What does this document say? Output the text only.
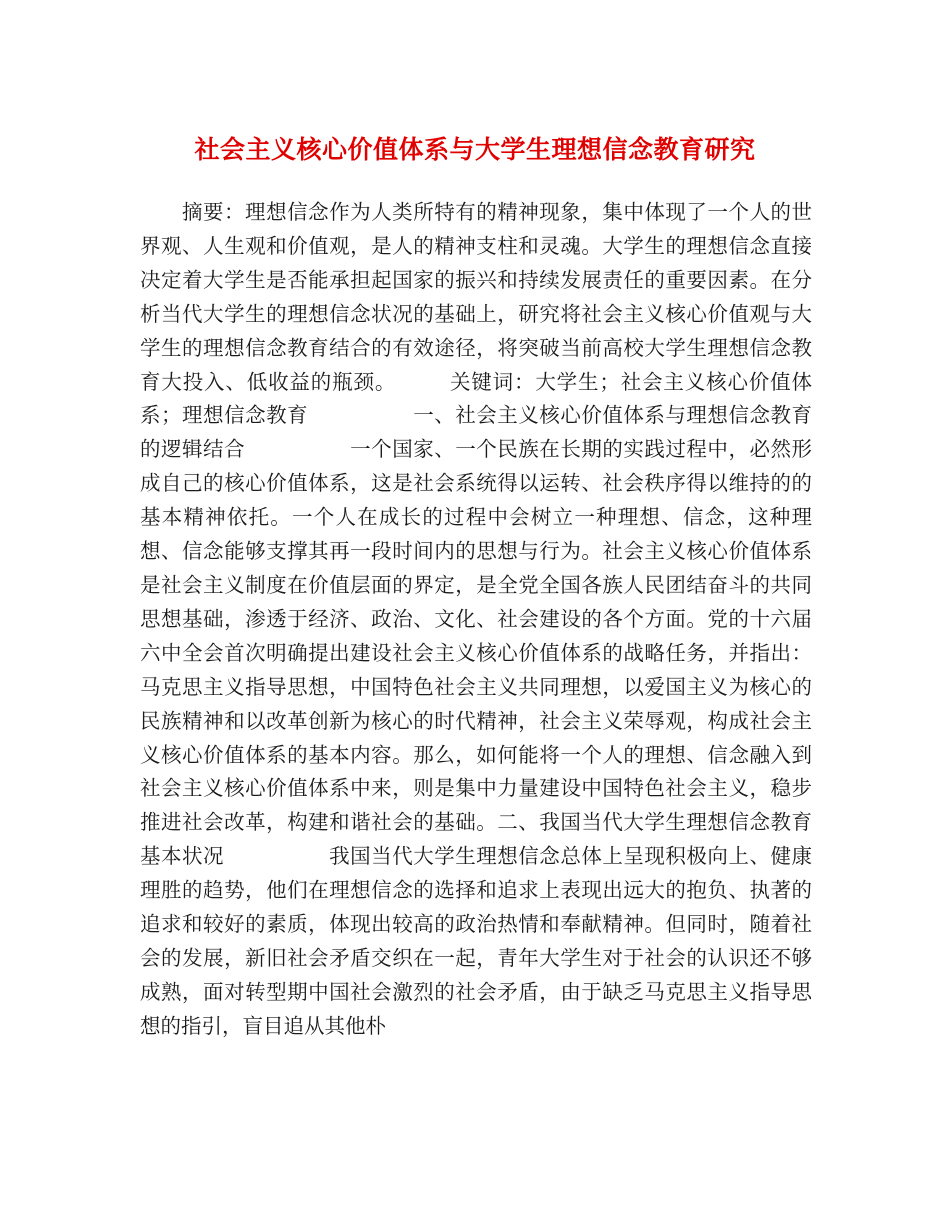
社会主义核心价值体系与大学生理想信念教育研究
摘要：理想信念作为人类所特有的精神现象，集中体现了一个人的世界观、人生观和价值观，是人的精神支柱和灵魂。大学生的理想信念直接决定着大学生是否能承担起国家的振兴和持续发展责任的重要因素。在分析当代大学生的理想信念状况的基础上，研究将社会主义核心价值观与大学生的理想信念教育结合的有效途径，将突破当前高校大学生理想信念教育大投入、低收益的瓶颈。　　　关键词：大学生；社会主义核心价值体系；理想信念教育　　　　　一、社会主义核心价值体系与理想信念教育的逻辑结合　　　　　一个国家、一个民族在长期的实践过程中，必然形成自己的核心价值体系，这是社会系统得以运转、社会秩序得以维持的的基本精神依托。一个人在成长的过程中会树立一种理想、信念，这种理想、信念能够支撑其再一段时间内的思想与行为。社会主义核心价值体系是社会主义制度在价值层面的界定，是全党全国各族人民团结奋斗的共同思想基础，渗透于经济、政治、文化、社会建设的各个方面。党的十六届六中全会首次明确提出建设社会主义核心价值体系的战略任务，并指出：马克思主义指导思想，中国特色社会主义共同理想，以爱国主义为核心的民族精神和以改革创新为核心的时代精神，社会主义荣辱观，构成社会主义核心价值体系的基本内容。那么，如何能将一个人的理想、信念融入到社会主义核心价值体系中来，则是集中力量建设中国特色社会主义，稳步推进社会改革，构建和谐社会的基础。二、我国当代大学生理想信念教育基本状况　　　　　我国当代大学生理想信念总体上呈现积极向上、健康理胜的趋势，他们在理想信念的选择和追求上表现出远大的抱负、执著的追求和较好的素质，体现出较高的政治热情和奉献精神。但同时，随着社会的发展，新旧社会矛盾交织在一起，青年大学生对于社会的认识还不够成熟，面对转型期中国社会激烈的社会矛盾，由于缺乏马克思主义指导思想的指引，盲目追从其他朴
